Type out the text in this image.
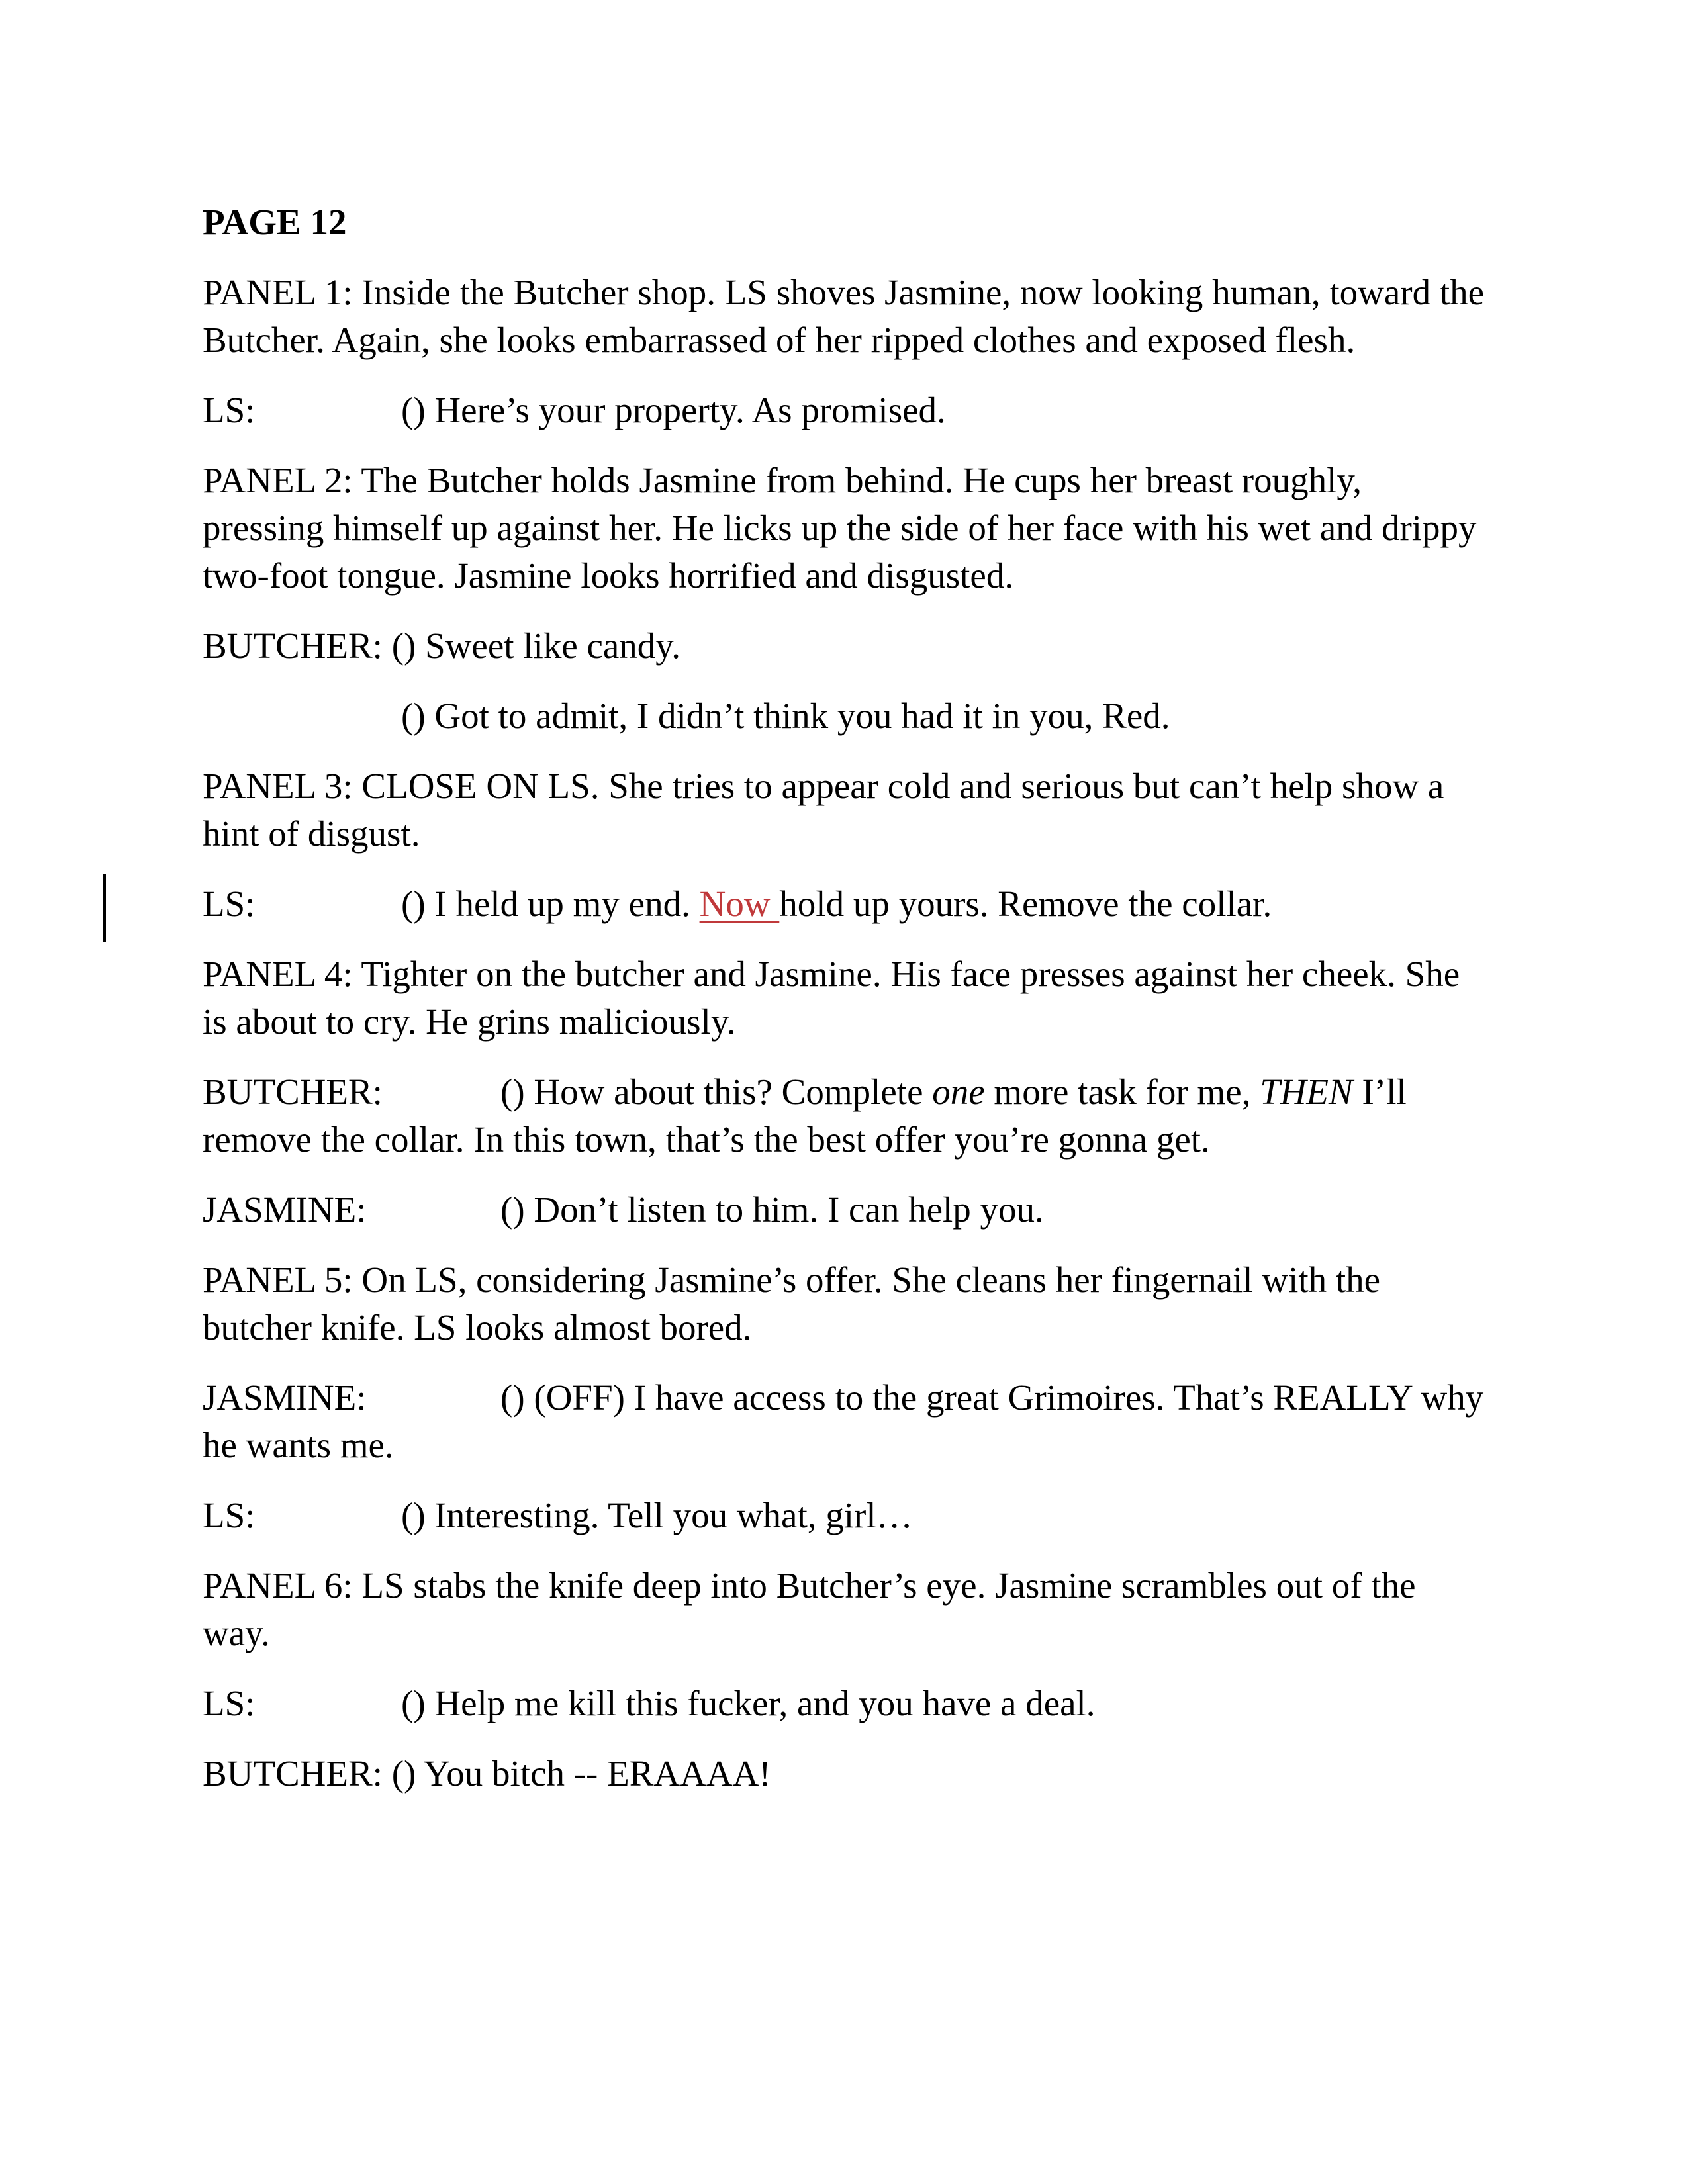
PAGE 12
PANEL 1: Inside the Butcher shop. LS shoves Jasmine, now looking human, toward the Butcher. Again, she looks embarrassed of her ripped clothes and exposed flesh.
LS:	() Here’s your property. As promised.
PANEL 2: The Butcher holds Jasmine from behind. He cups her breast roughly, pressing himself up against her. He licks up the side of her face with his wet and drippy two-foot tongue. Jasmine looks horrified and disgusted.
BUTCHER: () Sweet like candy.
() Got to admit, I didn’t think you had it in you, Red.
PANEL 3: CLOSE ON LS. She tries to appear cold and serious but can’t help show a hint of disgust.
LS:	() I held up my end. Now hold up yours. Remove the collar.
PANEL 4: Tighter on the butcher and Jasmine. His face presses against her cheek. She is about to cry. He grins maliciously.
BUTCHER:	() How about this? Complete one more task for me, THEN I’ll remove the collar. In this town, that’s the best offer you’re gonna get.
JASMINE:	() Don’t listen to him. I can help you.
PANEL 5: On LS, considering Jasmine’s offer. She cleans her fingernail with the butcher knife. LS looks almost bored.
JASMINE:	() (OFF) I have access to the great Grimoires. That’s REALLY why he wants me.
LS:	() Interesting. Tell you what, girl…
PANEL 6: LS stabs the knife deep into Butcher’s eye. Jasmine scrambles out of the way.
LS:	() Help me kill this fucker, and you have a deal.
BUTCHER: () You bitch -- ERAAAA!
